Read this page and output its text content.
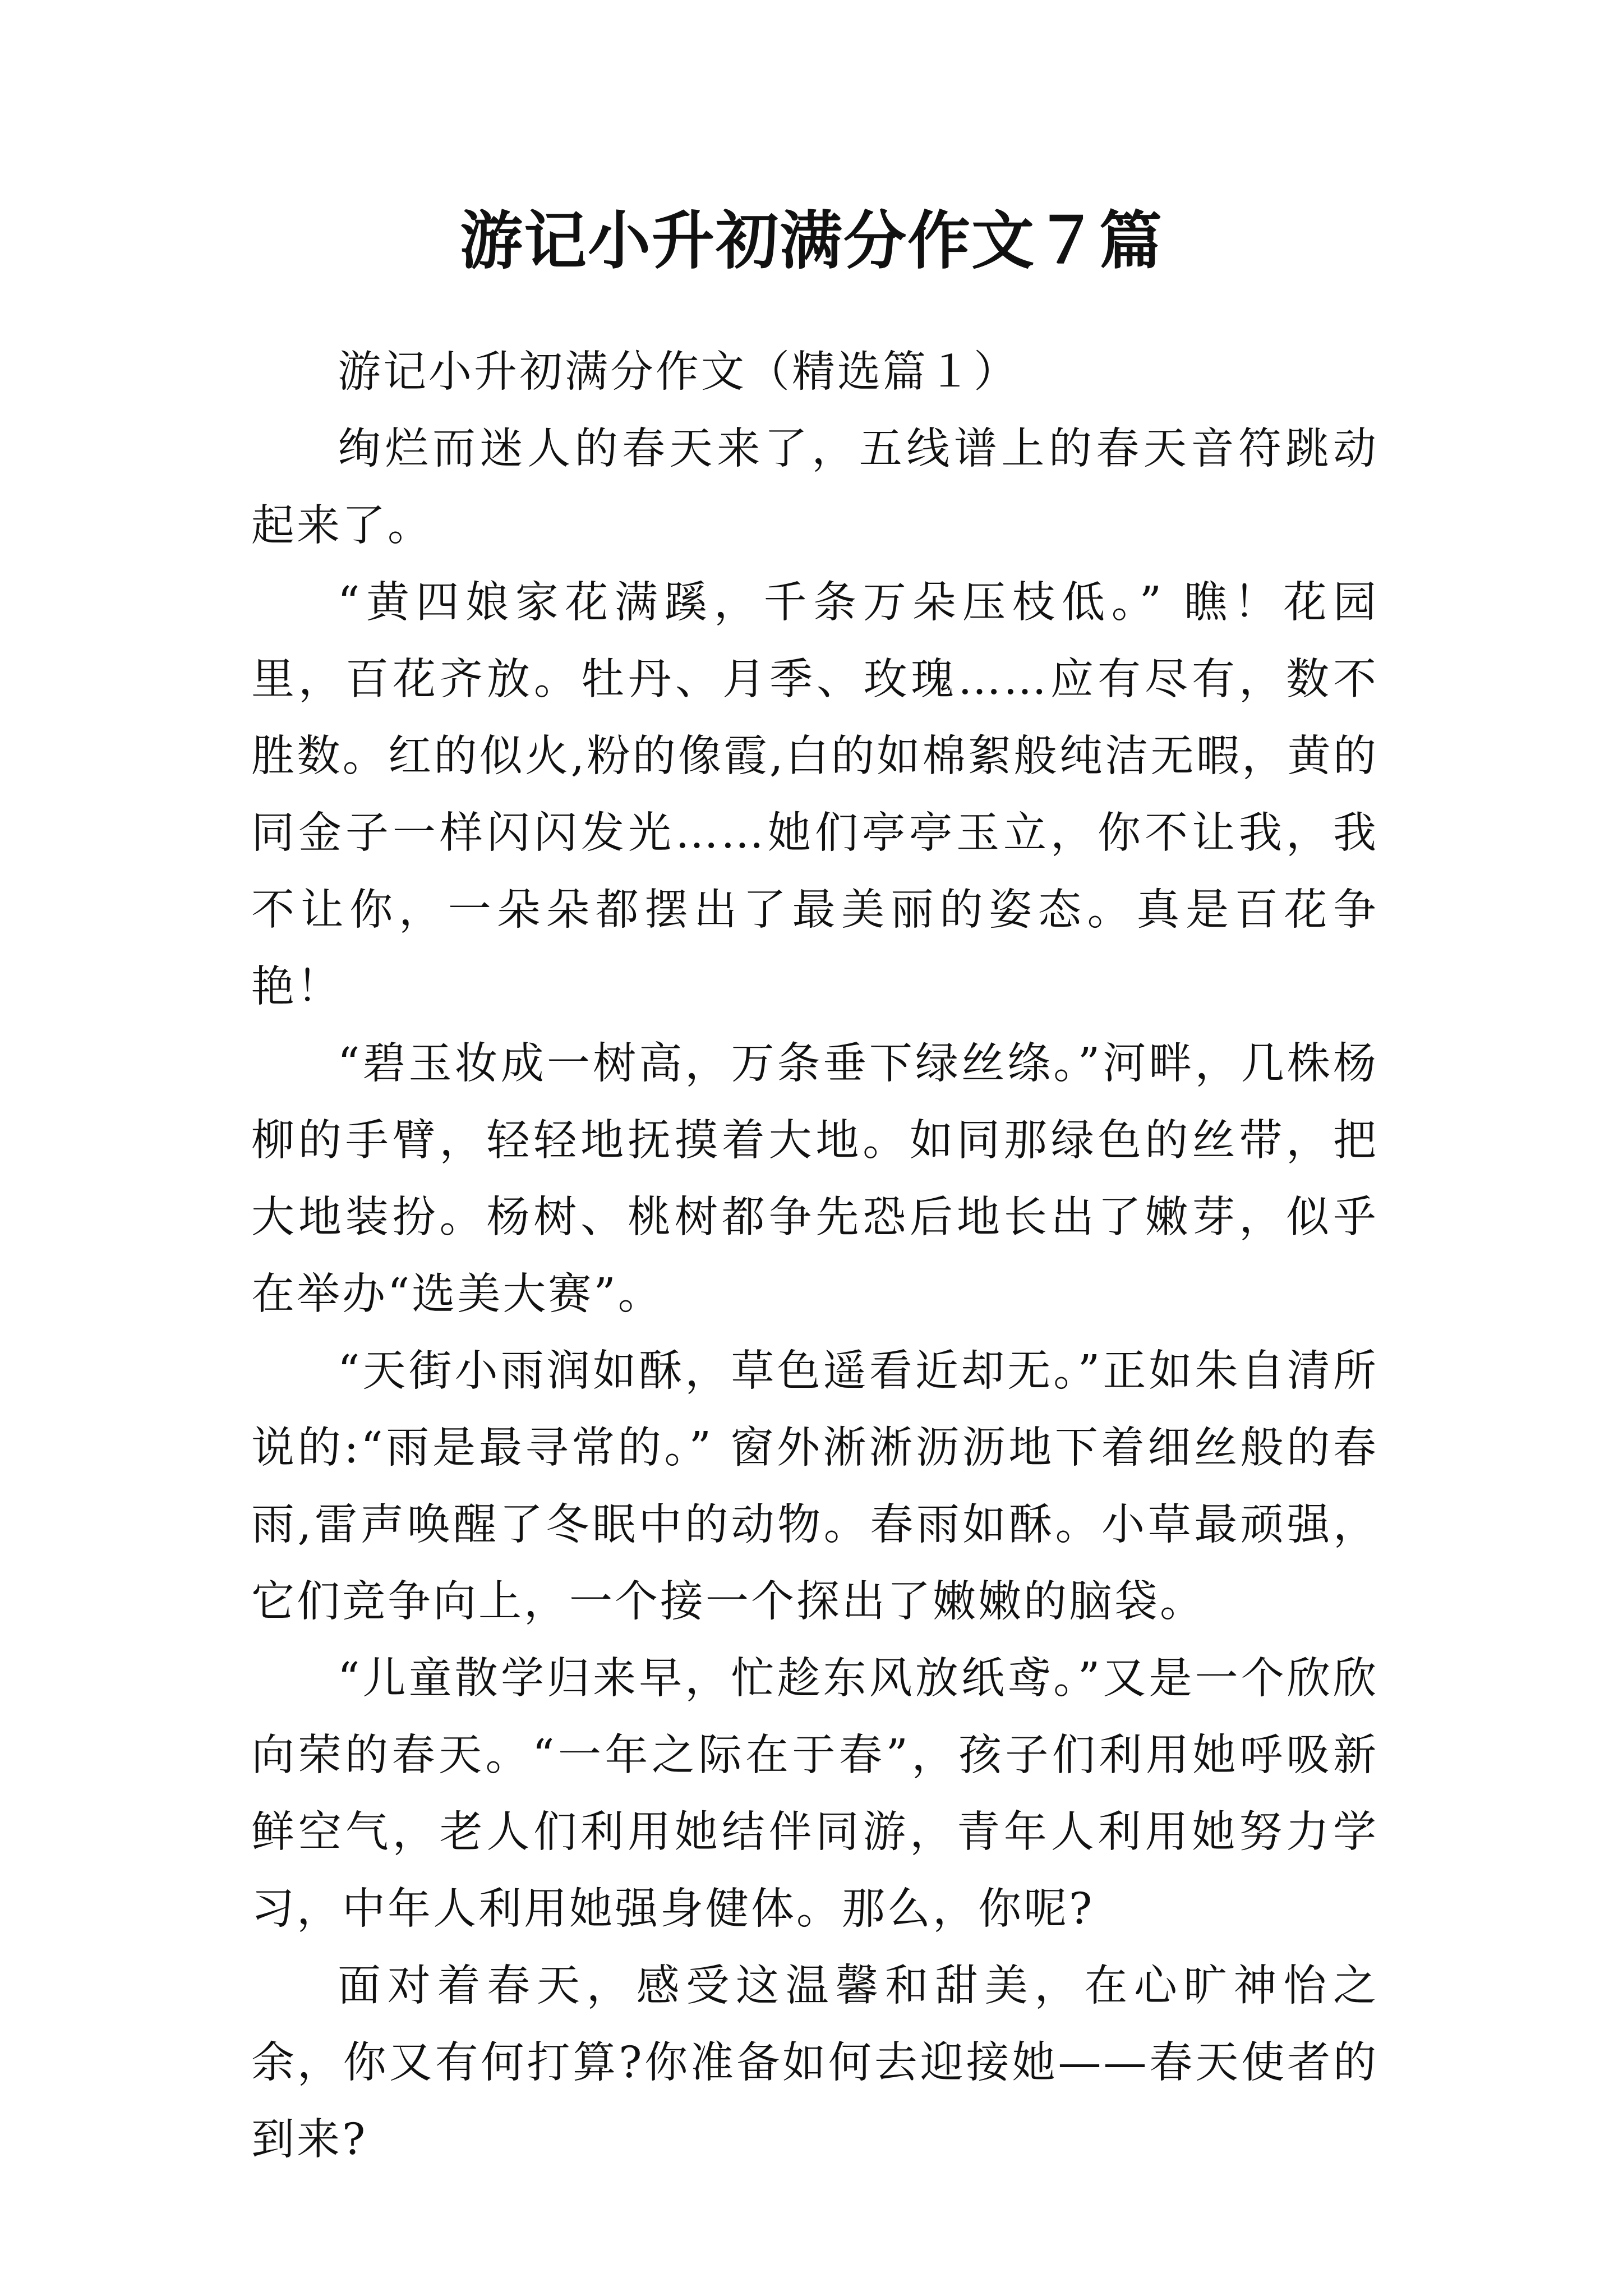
游记小升初满分作文７篇

游记小升初满分作文（精选篇１）

绚烂而迷人的春天来了，五线谱上的春天音符跳动起来了。

“黄四娘家花满蹊，千条万朵压枝低。” 瞧！花园里，百花齐放。牡丹、月季、玫瑰……应有尽有，数不胜数。红的似火,粉的像霞,白的如棉絮般纯洁无暇，黄的同金子一样闪闪发光……她们亭亭玉立，你不让我，我不让你，一朵朵都摆出了最美丽的姿态。真是百花争艳！

“碧玉妆成一树高，万条垂下绿丝绦。”河畔，几株杨柳的手臂，轻轻地抚摸着大地。如同那绿色的丝带，把大地装扮。杨树、桃树都争先恐后地长出了嫩芽，似乎在举办“选美大赛”。

“天街小雨润如酥，草色遥看近却无。”正如朱自清所说的:“雨是最寻常的。” 窗外淅淅沥沥地下着细丝般的春雨,雷声唤醒了冬眠中的动物。春雨如酥。小草最顽强，它们竞争向上，一个接一个探出了嫩嫩的脑袋。

“儿童散学归来早，忙趁东风放纸鸢。”又是一个欣欣向荣的春天。“一年之际在于春”，孩子们利用她呼吸新鲜空气，老人们利用她结伴同游，青年人利用她努力学习，中年人利用她强身健体。那么，你呢?

面对着春天，感受这温馨和甜美，在心旷神怡之余，你又有何打算?你准备如何去迎接她——春天使者的到来?
